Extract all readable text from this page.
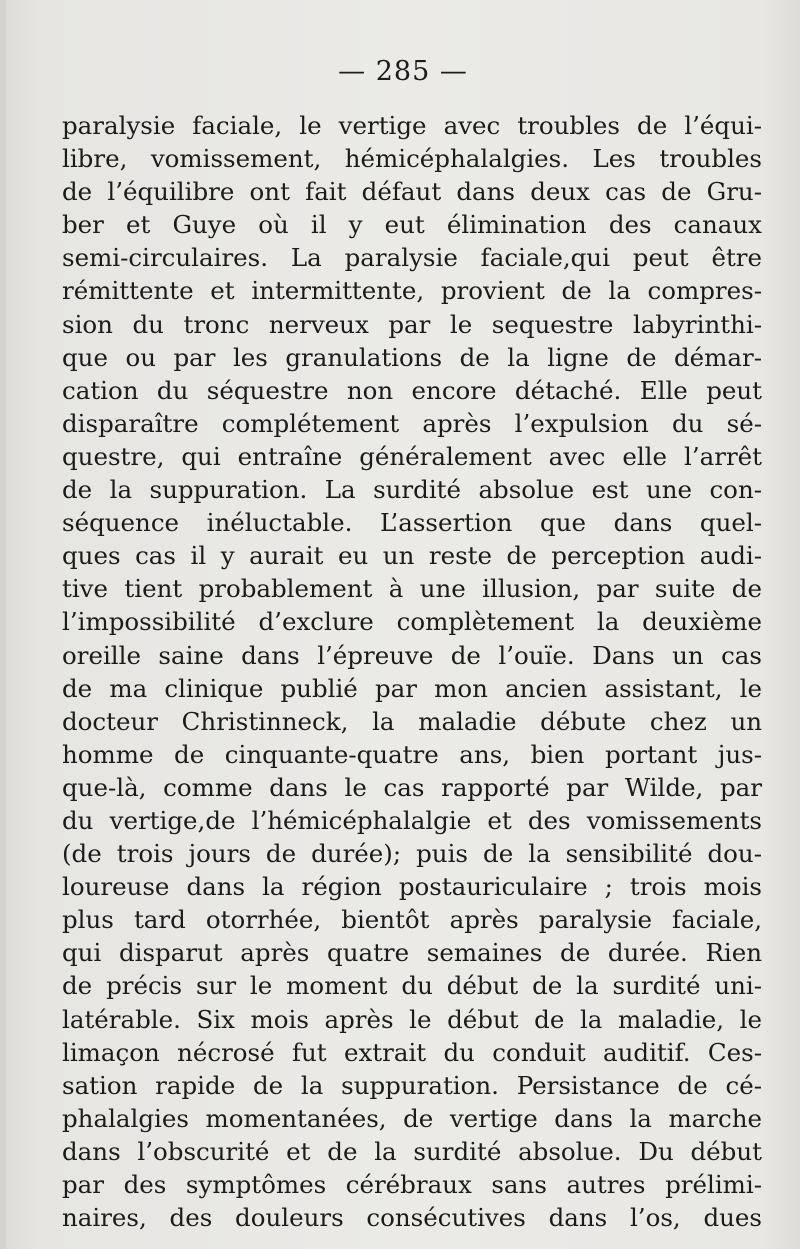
— 285 —
paralysie faciale, le vertige avec troubles de l’équi-
libre, vomissement, hémicéphalalgies. Les troubles
de l’équilibre ont fait défaut dans deux cas de Gru-
ber et Guye où il y eut élimination des canaux
semi-circulaires. La paralysie faciale,qui peut être
rémittente et intermittente, provient de la compres-
sion du tronc nerveux par le sequestre labyrinthi-
que ou par les granulations de la ligne de démar-
cation du séquestre non encore détaché. Elle peut
disparaître complétement après l’expulsion du sé-
questre, qui entraîne généralement avec elle l’arrêt
de la suppuration. La surdité absolue est une con-
séquence inéluctable. L’assertion que dans quel-
ques cas il y aurait eu un reste de perception audi-
tive tient probablement à une illusion, par suite de
l’impossibilité d’exclure complètement la deuxième
oreille saine dans l’épreuve de l’ouïe. Dans un cas
de ma clinique publié par mon ancien assistant, le
docteur Christinneck, la maladie débute chez un
homme de cinquante-quatre ans, bien portant jus-
que-là, comme dans le cas rapporté par Wilde, par
du vertige,de l’hémicéphalalgie et des vomissements
(de trois jours de durée); puis de la sensibilité dou-
loureuse dans la région postauriculaire ; trois mois
plus tard otorrhée, bientôt après paralysie faciale,
qui disparut après quatre semaines de durée. Rien
de précis sur le moment du début de la surdité uni-
latérable. Six mois après le début de la maladie, le
limaçon nécrosé fut extrait du conduit auditif. Ces-
sation rapide de la suppuration. Persistance de cé-
phalalgies momentanées, de vertige dans la marche
dans l’obscurité et de la surdité absolue. Du début
par des symptômes cérébraux sans autres prélimi-
naires, des douleurs consécutives dans l’os, dues
